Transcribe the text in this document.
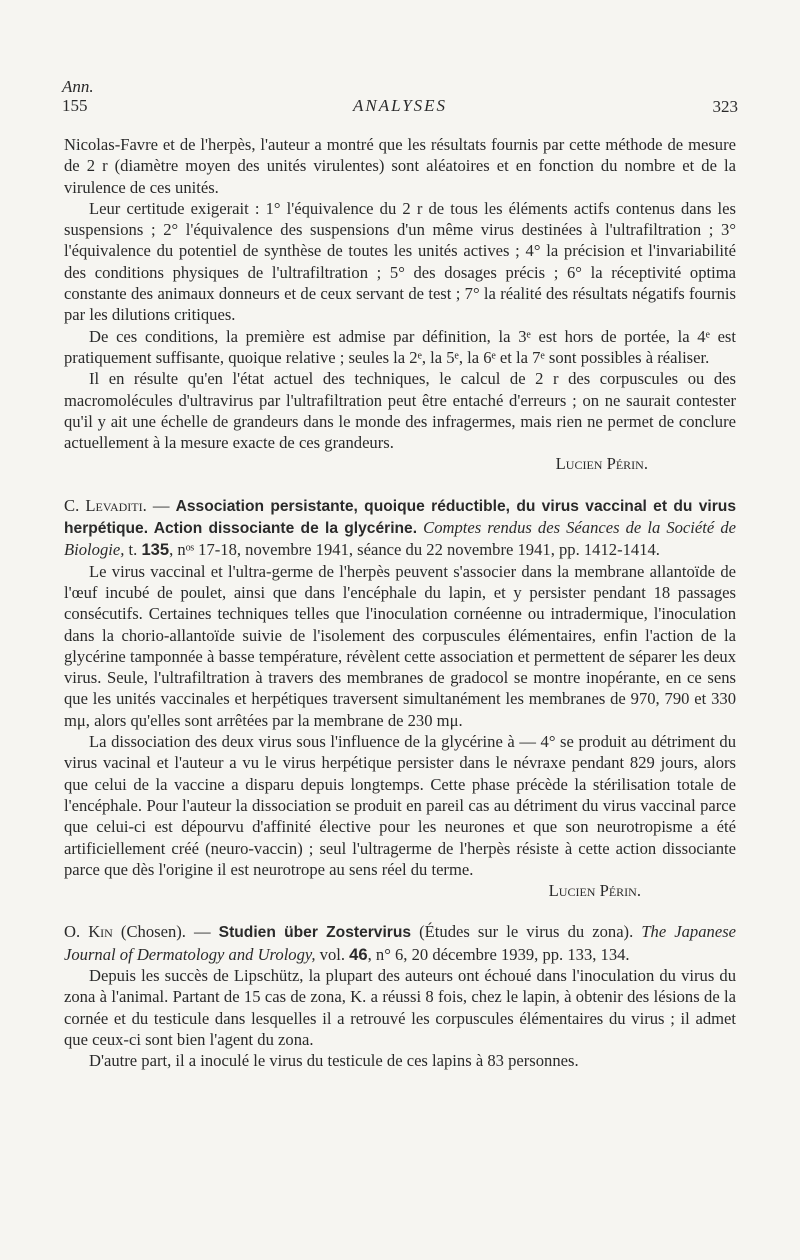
Ann.
155	ANALYSES	323

Nicolas-Favre et de l'herpès, l'auteur a montré que les résultats fournis par cette méthode de mesure de 2 r (diamètre moyen des unités virulentes) sont aléatoires et en fonction du nombre et de la virulence de ces unités.

Leur certitude exigerait : 1° l'équivalence du 2 r de tous les éléments actifs contenus dans les suspensions ; 2° l'équivalence des suspensions d'un même virus destinées à l'ultrafiltration ; 3° l'équivalence du potentiel de synthèse de toutes les unités actives ; 4° la précision et l'invariabilité des conditions physiques de l'ultrafiltration ; 5° des dosages précis ; 6° la réceptivité optima constante des animaux donneurs et de ceux servant de test ; 7° la réalité des résultats négatifs fournis par les dilutions critiques.

De ces conditions, la première est admise par définition, la 3ᵉ est hors de portée, la 4ᵉ est pratiquement suffisante, quoique relative ; seules la 2ᵉ, la 5ᵉ, la 6ᵉ et la 7ᵉ sont possibles à réaliser.

Il en résulte qu'en l'état actuel des techniques, le calcul de 2 r des corpuscules ou des macromolécules d'ultravirus par l'ultrafiltration peut être entaché d'erreurs ; on ne saurait contester qu'il y ait une échelle de grandeurs dans le monde des infragermes, mais rien ne permet de conclure actuellement à la mesure exacte de ces grandeurs.

Lucien Périn.

C. Levaditi. — Association persistante, quoique réductible, du virus vaccinal et du virus herpétique. Action dissociante de la glycérine. Comptes rendus des Séances de la Société de Biologie, t. 135, nᵒˢ 17-18, novembre 1941, séance du 22 novembre 1941, pp. 1412-1414.

Le virus vaccinal et l'ultra-germe de l'herpès peuvent s'associer dans la membrane allantoïde de l'œuf incubé de poulet, ainsi que dans l'encéphale du lapin, et y persister pendant 18 passages consécutifs. Certaines techniques telles que l'inoculation cornéenne ou intradermique, l'inoculation dans la chorio-allantoïde suivie de l'isolement des corpuscules élémentaires, enfin l'action de la glycérine tamponnée à basse température, révèlent cette association et permettent de séparer les deux virus. Seule, l'ultrafiltration à travers des membranes de gradocol se montre inopérante, en ce sens que les unités vaccinales et herpétiques traversent simultanément les membranes de 970, 790 et 330 mμ, alors qu'elles sont arrêtées par la membrane de 230 mμ.

La dissociation des deux virus sous l'influence de la glycérine à — 4° se produit au détriment du virus vacinal et l'auteur a vu le virus herpétique persister dans le névraxe pendant 829 jours, alors que celui de la vaccine a disparu depuis longtemps. Cette phase précède la stérilisation totale de l'encéphale. Pour l'auteur la dissociation se produit en pareil cas au détriment du virus vaccinal parce que celui-ci est dépourvu d'affinité élective pour les neurones et que son neurotropisme a été artificiellement créé (neuro-vaccin) ; seul l'ultragerme de l'herpès résiste à cette action dissociante parce que dès l'origine il est neurotrope au sens réel du terme.

Lucien Périn.

O. Kin (Chosen). — Studien über Zostervirus (Études sur le virus du zona). The Japanese Journal of Dermatology and Urology, vol. 46, n° 6, 20 décembre 1939, pp. 133, 134.

Depuis les succès de Lipschütz, la plupart des auteurs ont échoué dans l'inoculation du virus du zona à l'animal. Partant de 15 cas de zona, K. a réussi 8 fois, chez le lapin, à obtenir des lésions de la cornée et du testicule dans lesquelles il a retrouvé les corpuscules élémentaires du virus ; il admet que ceux-ci sont bien l'agent du zona.

D'autre part, il a inoculé le virus du testicule de ces lapins à 83 personnes.
